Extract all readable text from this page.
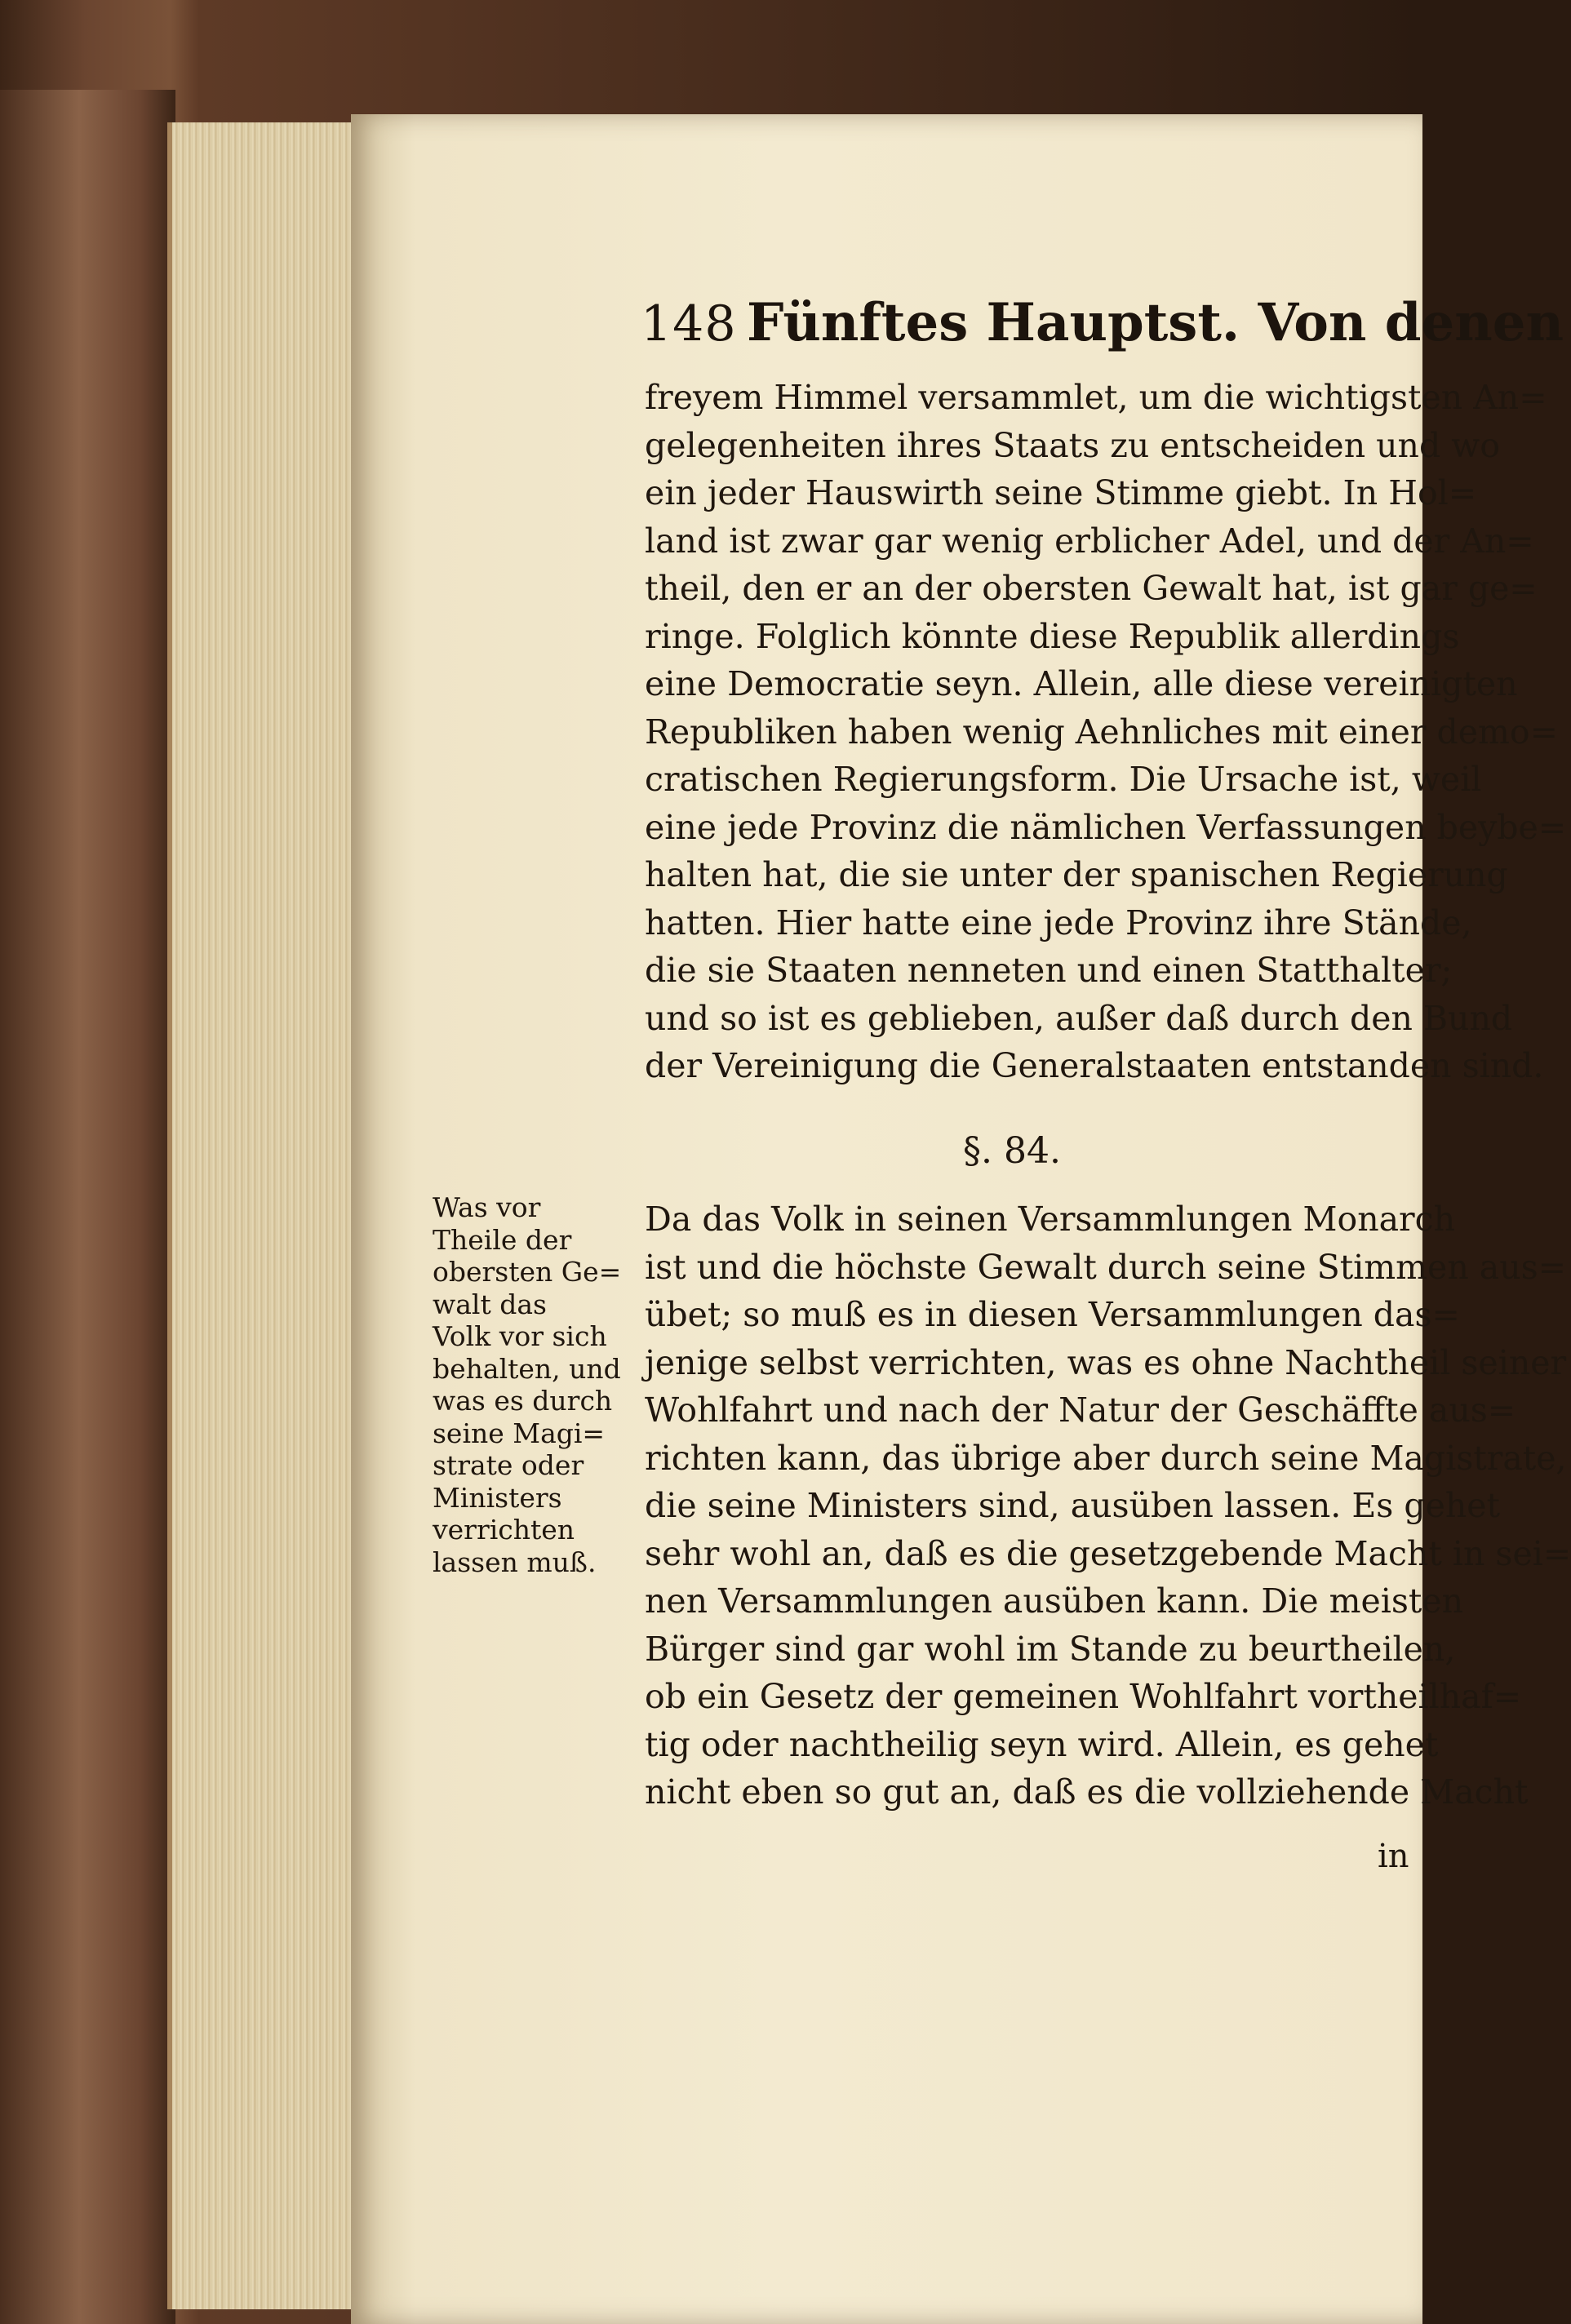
148 Fünftes Hauptst. Von denen
freyem Himmel versammlet, um die wichtigsten An=
gelegenheiten ihres Staats zu entscheiden und wo
ein jeder Hauswirth seine Stimme giebt. In Hol=
land ist zwar gar wenig erblicher Adel, und der An=
theil, den er an der obersten Gewalt hat, ist gar ge=
ringe. Folglich könnte diese Republik allerdings
eine Democratie seyn. Allein, alle diese vereinigten
Republiken haben wenig Aehnliches mit einer demo=
cratischen Regierungsform. Die Ursache ist, weil
eine jede Provinz die nämlichen Verfassungen beybe=
halten hat, die sie unter der spanischen Regierung
hatten. Hier hatte eine jede Provinz ihre Stände,
die sie Staaten nenneten und einen Statthalter;
und so ist es geblieben, außer daß durch den Bund
der Vereinigung die Generalstaaten entstanden sind.
§. 84.
Was vor
Theile der
obersten Ge=
walt das
Volk vor sich
behalten, und
was es durch
seine Magi=
strate oder
Ministers
verrichten
lassen muß.
Da das Volk in seinen Versammlungen Monarch
ist und die höchste Gewalt durch seine Stimmen aus=
übet; so muß es in diesen Versammlungen das=
jenige selbst verrichten, was es ohne Nachtheil seiner
Wohlfahrt und nach der Natur der Geschäffte aus=
richten kann, das übrige aber durch seine Magistrate,
die seine Ministers sind, ausüben lassen. Es gehet
sehr wohl an, daß es die gesetzgebende Macht in sei=
nen Versammlungen ausüben kann. Die meisten
Bürger sind gar wohl im Stande zu beurtheilen,
ob ein Gesetz der gemeinen Wohlfahrt vortheilhaf=
tig oder nachtheilig seyn wird. Allein, es gehet
nicht eben so gut an, daß es die vollziehende Macht
in
